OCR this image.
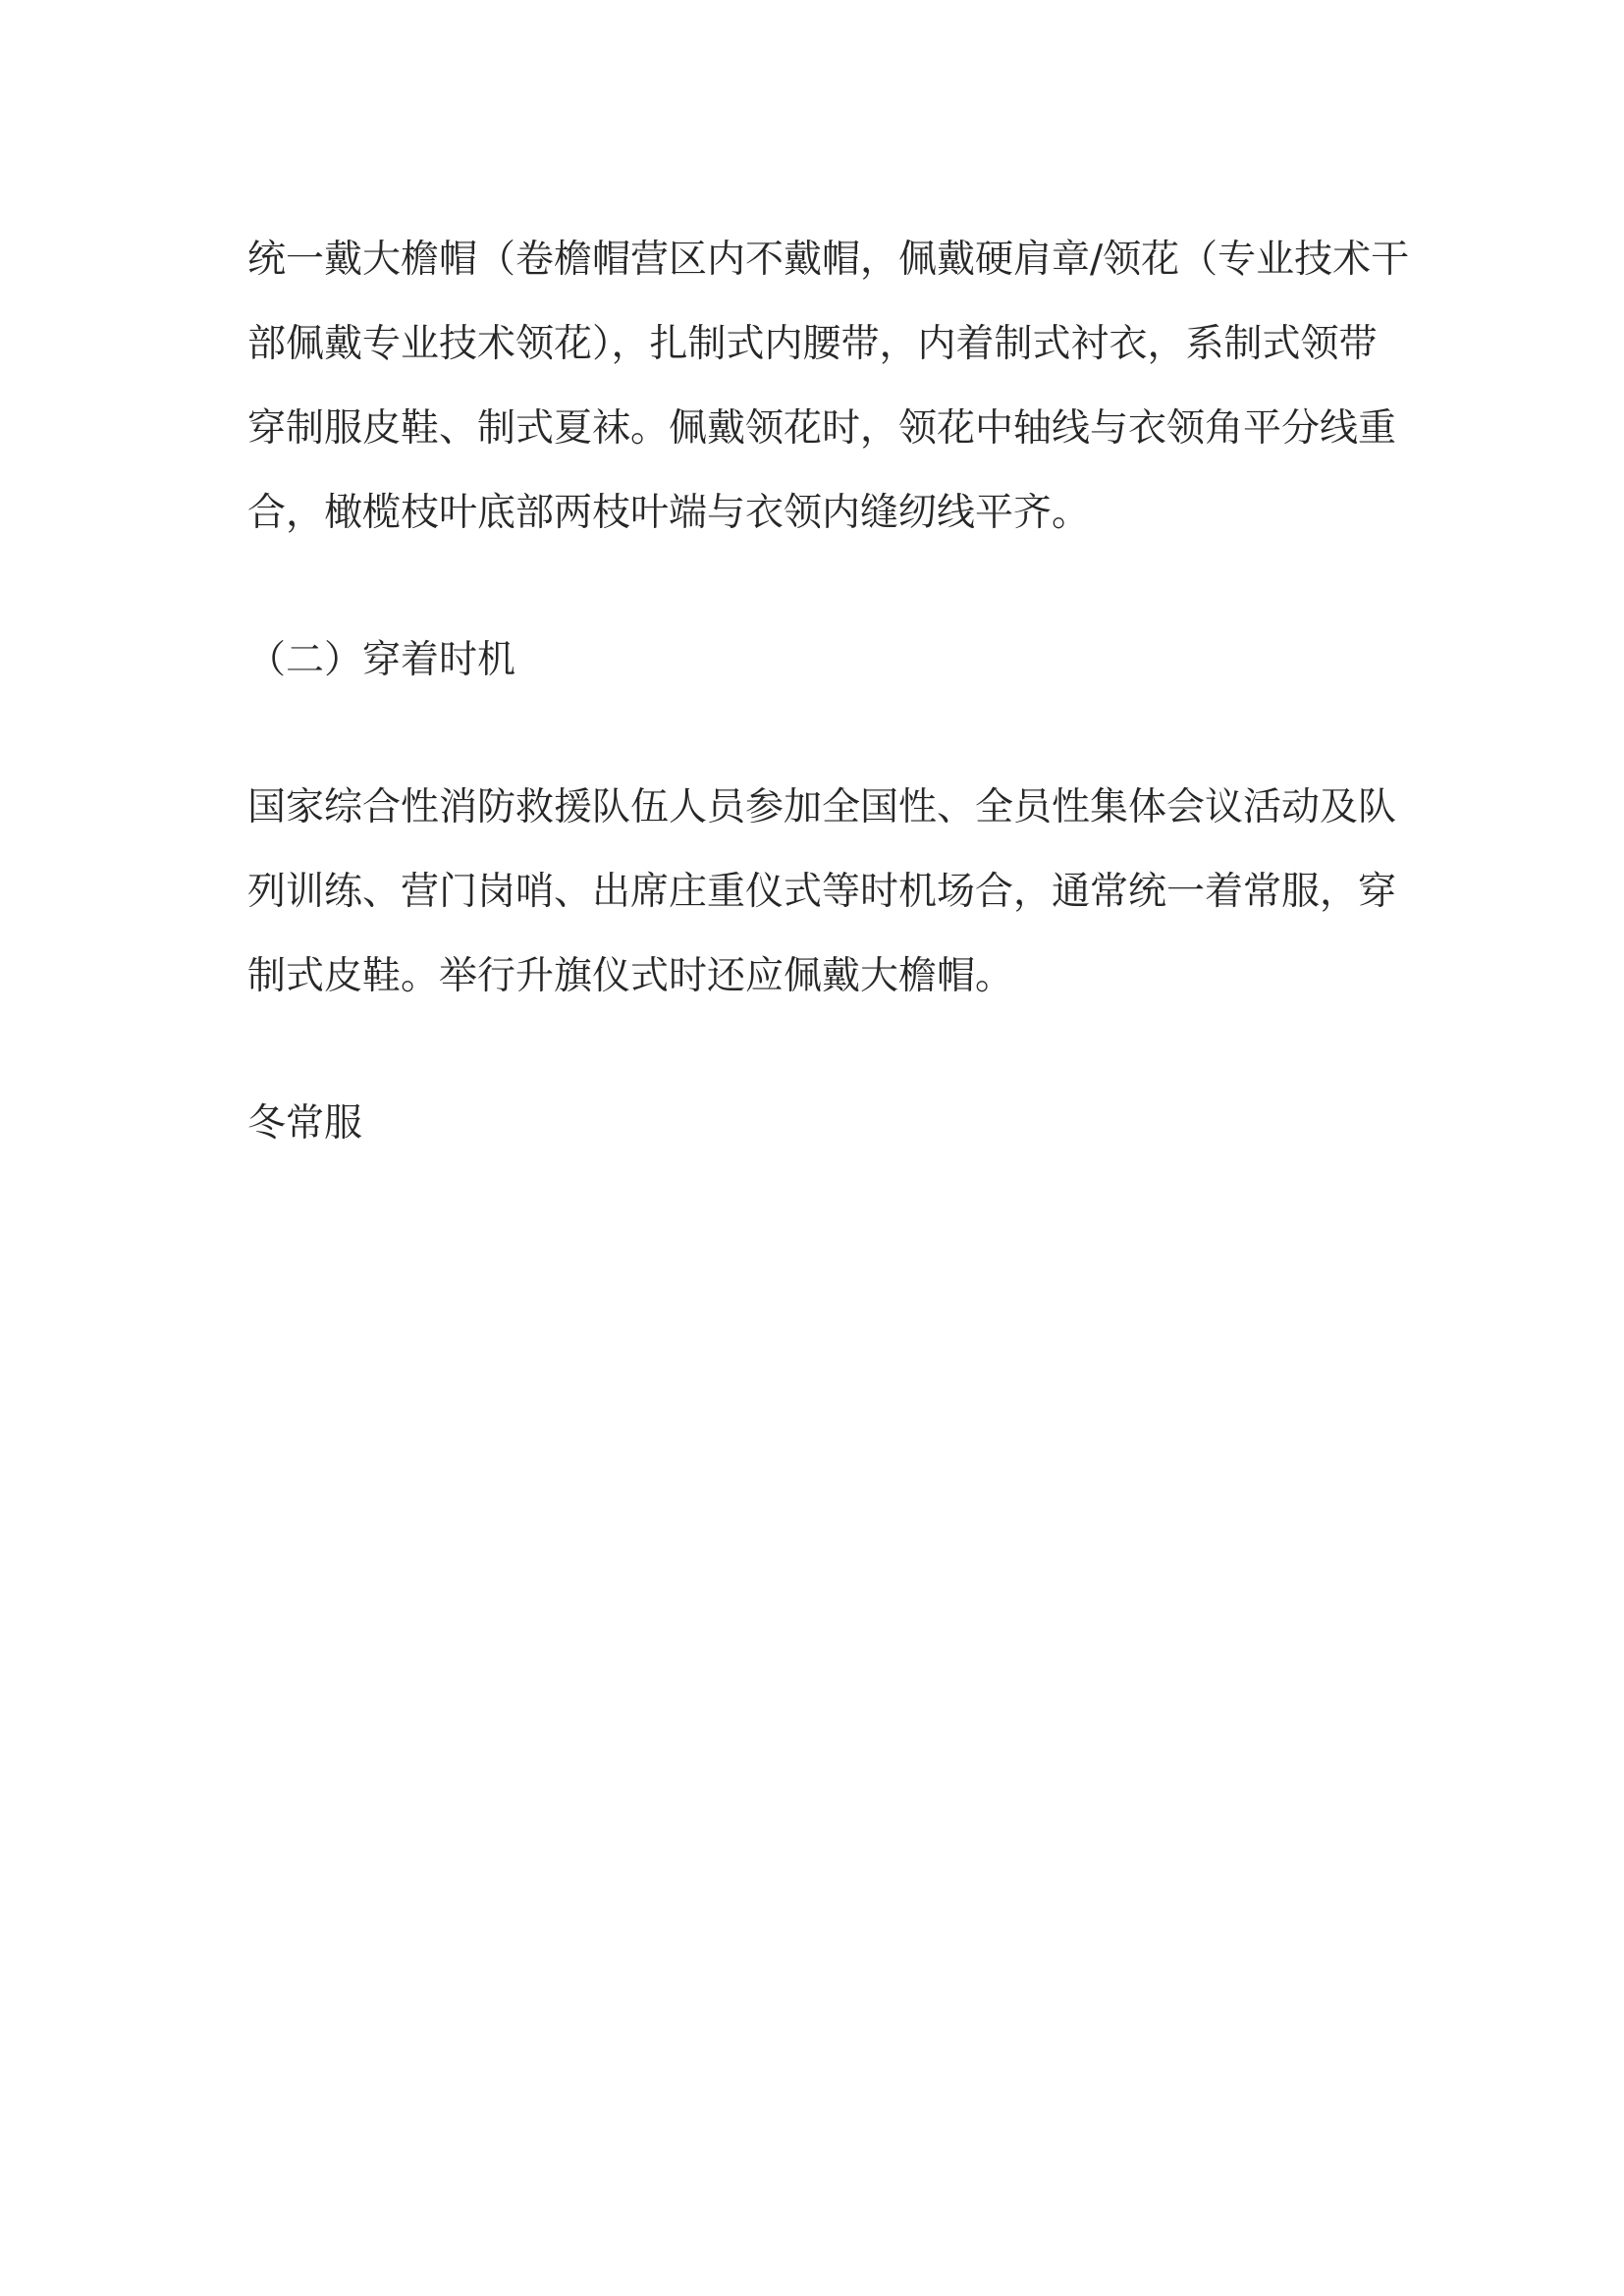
统一戴大檐帽（卷檐帽营区内不戴帽，佩戴硬肩章/领花（专业技术干
部佩戴专业技术领花），扎制式内腰带，内着制式衬衣，系制式领带
穿制服皮鞋、制式夏袜。佩戴领花时，领花中轴线与衣领角平分线重
合，橄榄枝叶底部两枝叶端与衣领内缝纫线平齐。

（二）穿着时机

国家综合性消防救援队伍人员参加全国性、全员性集体会议活动及队
列训练、营门岗哨、出席庄重仪式等时机场合，通常统一着常服，穿
制式皮鞋。举行升旗仪式时还应佩戴大檐帽。

冬常服
